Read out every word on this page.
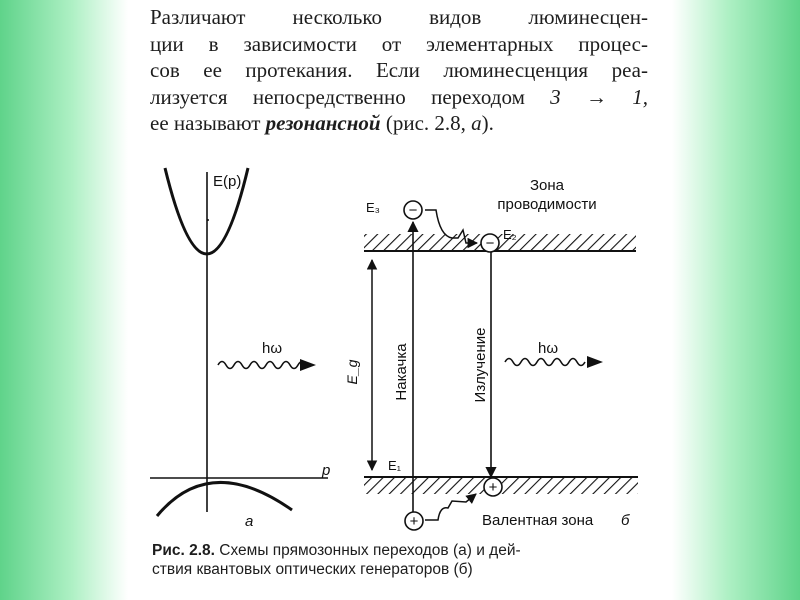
Различают несколько видов люминесцен-
ции в зависимости от элементарных процес-
сов ее протекания. Если люминесценция реа-
лизуется непосредственно переходом 3 → 1,
ее называют резонансной (рис. 2.8, а).
E(p)
p
hω
а
−
−
+
+
E₃
E₂
E₁
Зона
проводимости
Валентная зона б
hω
Накачка	Излучение
E_g
Рис. 2.8. Схемы прямозонных переходов (а) и дей-
ствия квантовых оптических генераторов (б)
